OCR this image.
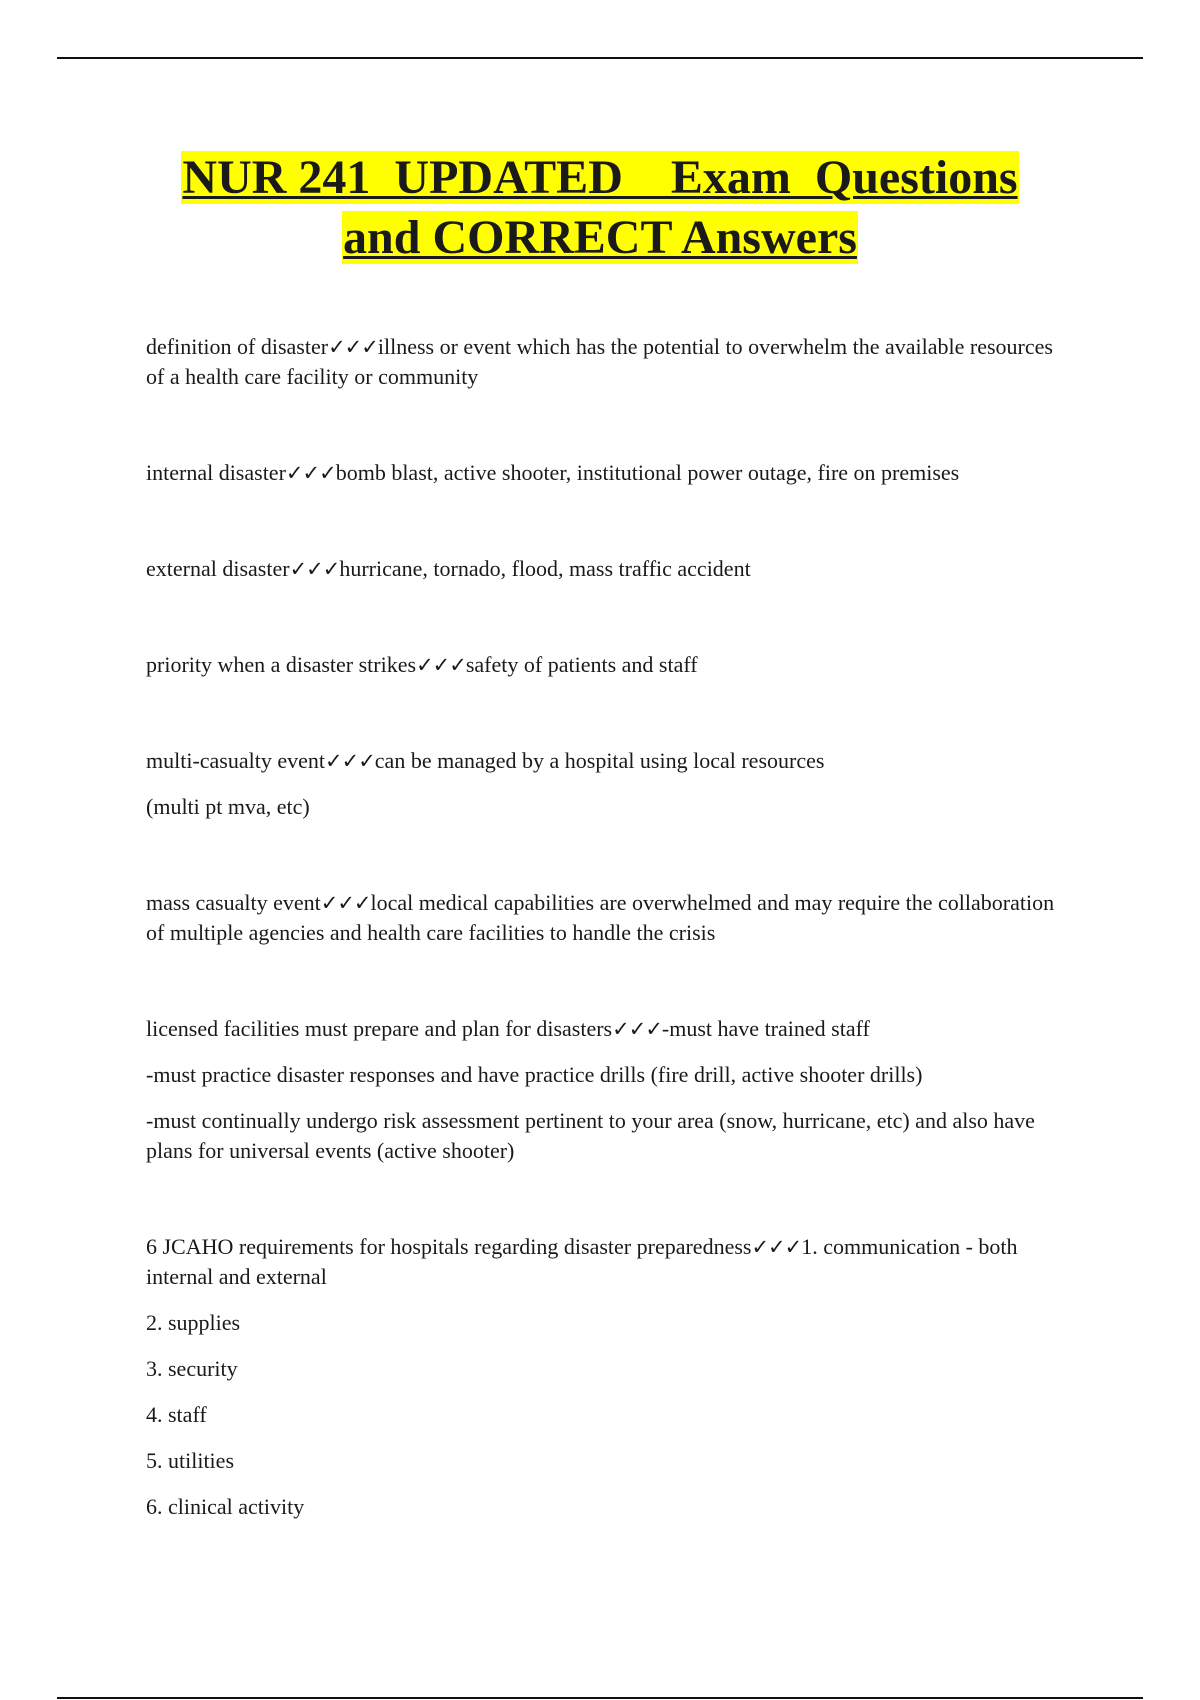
NUR 241  UPDATED    Exam  Questions
and CORRECT Answers

definition of disaster✓✓✓illness or event which has the potential to overwhelm the available resources of a health care facility or community

internal disaster✓✓✓bomb blast, active shooter, institutional power outage, fire on premises

external disaster✓✓✓hurricane, tornado, flood, mass traffic accident

priority when a disaster strikes✓✓✓safety of patients and staff

multi-casualty event✓✓✓can be managed by a hospital using local resources

(multi pt mva, etc)

mass casualty event✓✓✓local medical capabilities are overwhelmed and may require the collaboration of multiple agencies and health care facilities to handle the crisis

licensed facilities must prepare and plan for disasters✓✓✓-must have trained staff

-must practice disaster responses and have practice drills (fire drill, active shooter drills)

-must continually undergo risk assessment pertinent to your area (snow, hurricane, etc) and also have plans for universal events (active shooter)

6 JCAHO requirements for hospitals regarding disaster preparedness✓✓✓1. communication - both internal and external

2. supplies

3. security

4. staff

5. utilities

6. clinical activity
